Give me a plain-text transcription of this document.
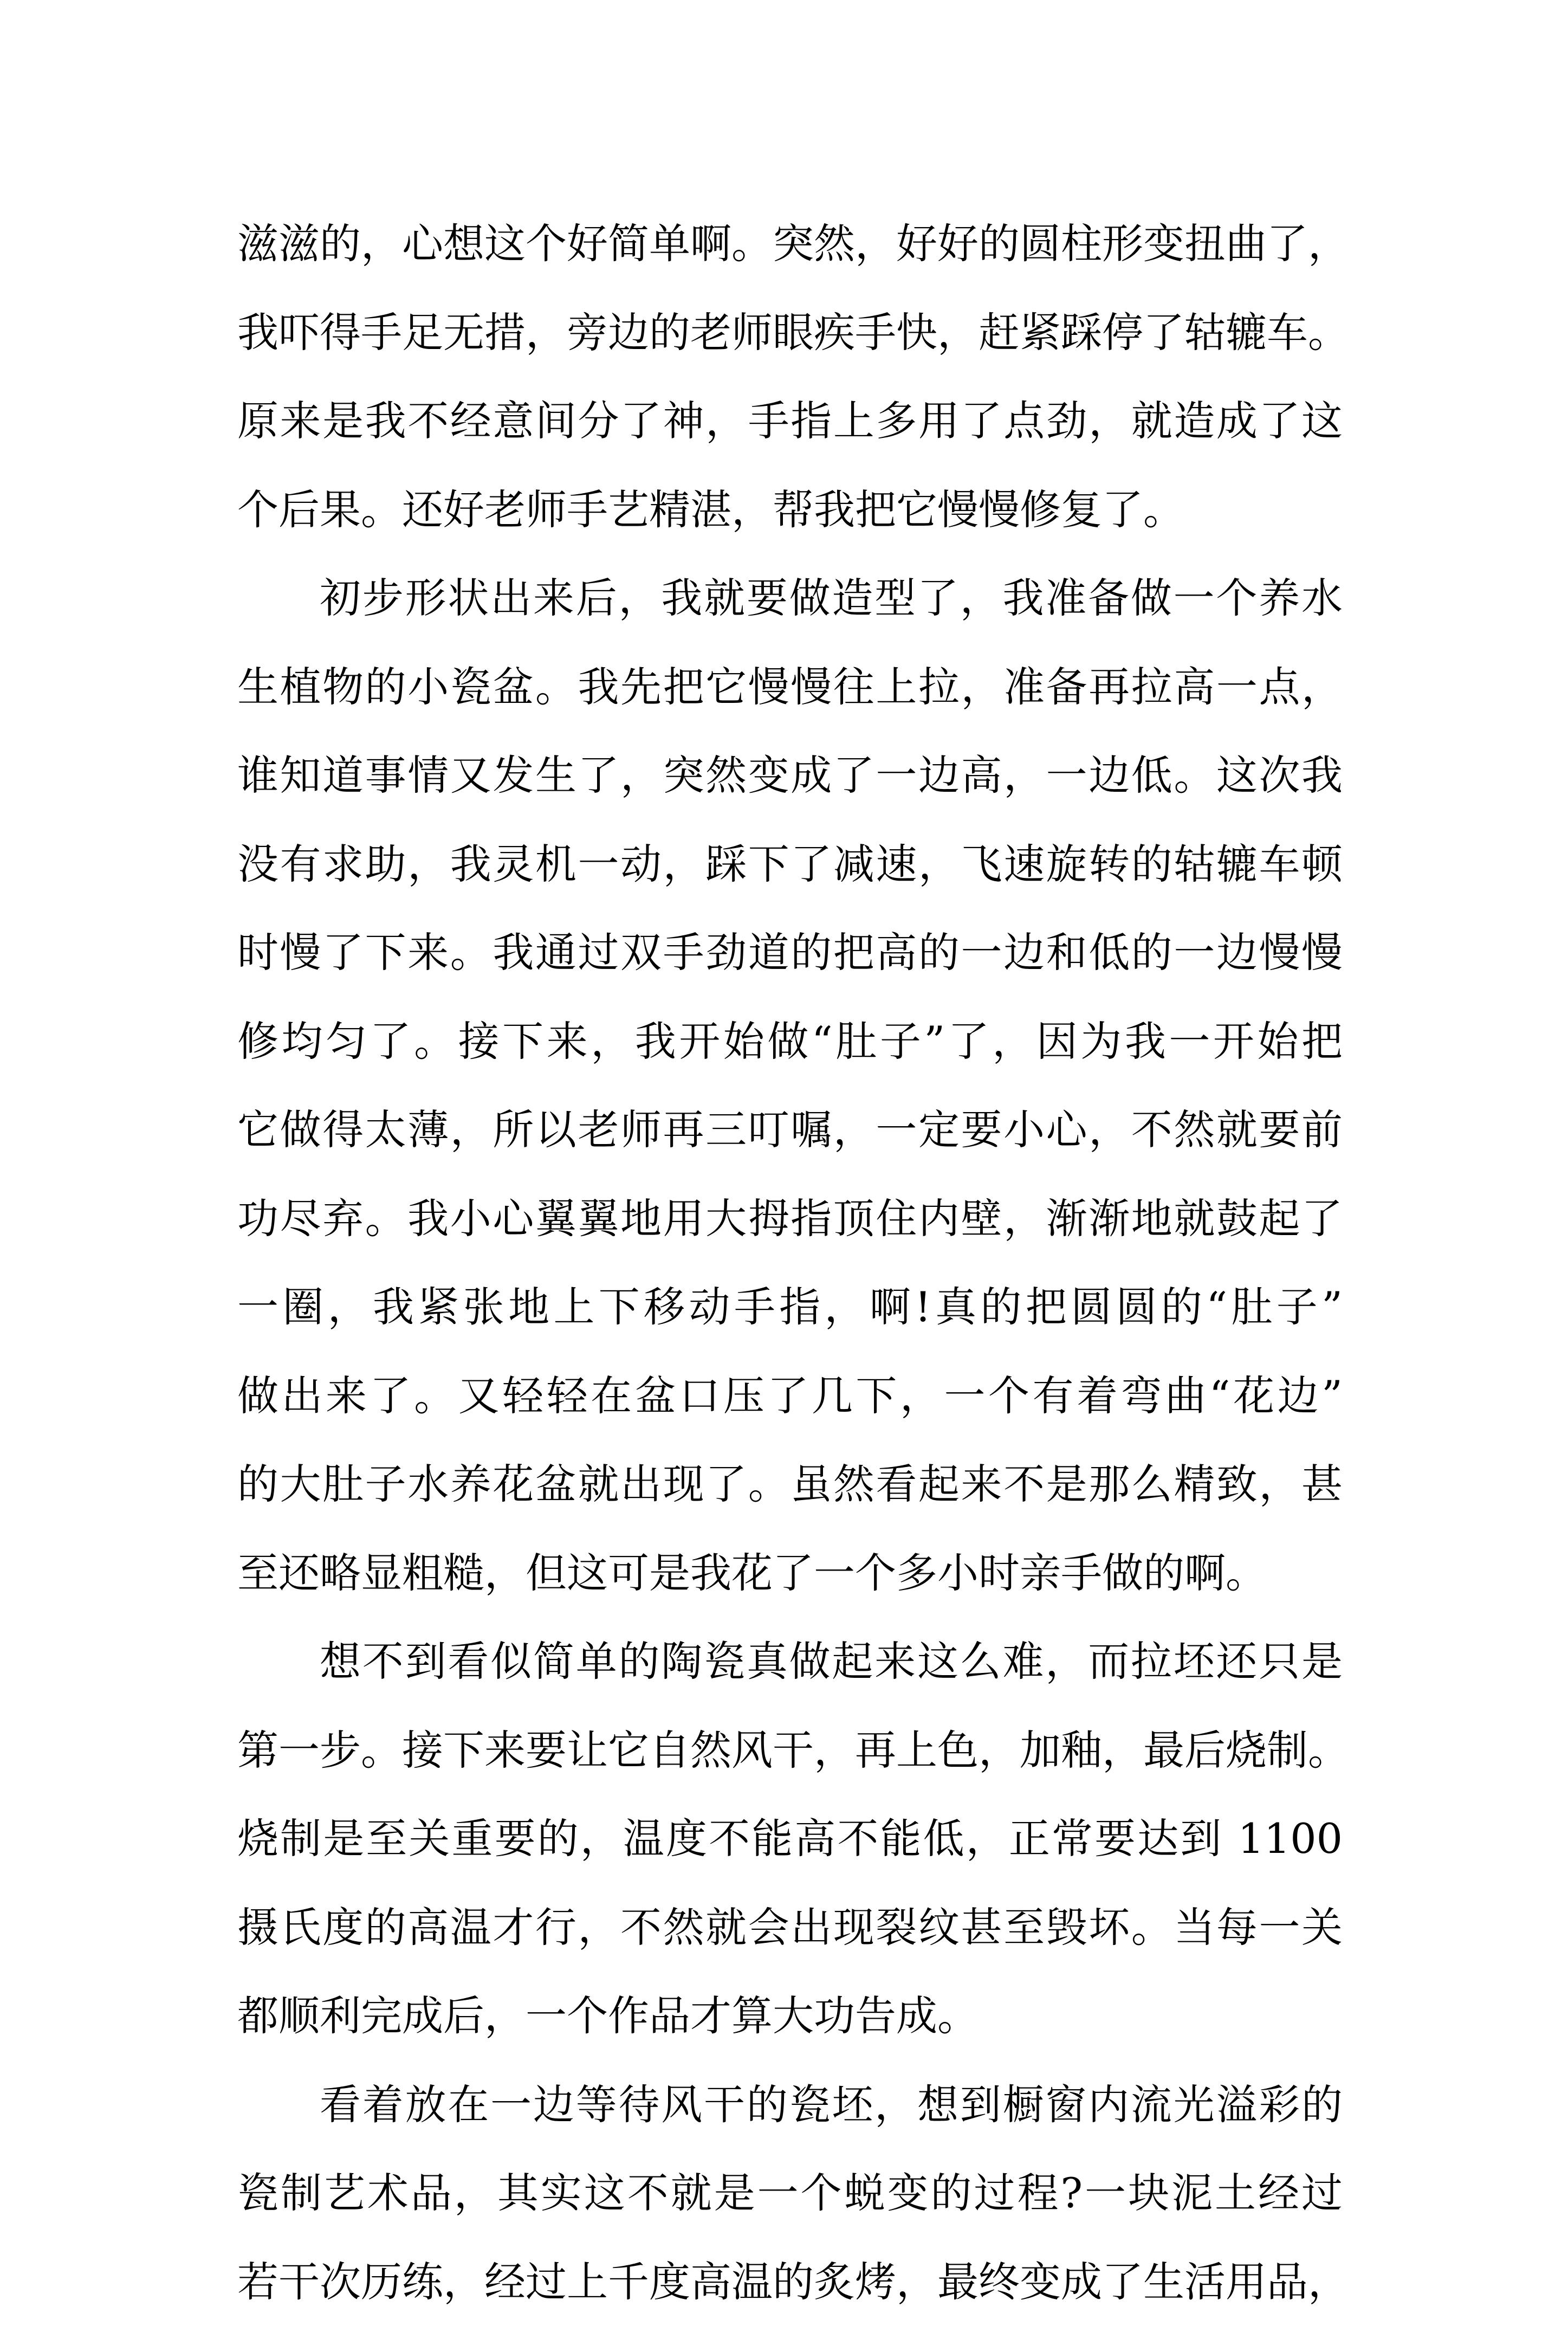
滋滋的，心想这个好简单啊。突然，好好的圆柱形变扭曲了，
我吓得手足无措，旁边的老师眼疾手快，赶紧踩停了轱辘车。
原来是我不经意间分了神，手指上多用了点劲，就造成了这
个后果。还好老师手艺精湛，帮我把它慢慢修复了。
初步形状出来后，我就要做造型了，我准备做一个养水
生植物的小瓷盆。我先把它慢慢往上拉，准备再拉高一点，
谁知道事情又发生了，突然变成了一边高，一边低。这次我
没有求助，我灵机一动，踩下了减速，飞速旋转的轱辘车顿
时慢了下来。我通过双手劲道的把高的一边和低的一边慢慢
修均匀了。接下来，我开始做“肚子”了，因为我一开始把
它做得太薄，所以老师再三叮嘱，一定要小心，不然就要前
功尽弃。我小心翼翼地用大拇指顶住内壁，渐渐地就鼓起了
一圈，我紧张地上下移动手指，啊!真的把圆圆的“肚子”
做出来了。又轻轻在盆口压了几下，一个有着弯曲“花边”
的大肚子水养花盆就出现了。虽然看起来不是那么精致，甚
至还略显粗糙，但这可是我花了一个多小时亲手做的啊。
想不到看似简单的陶瓷真做起来这么难，而拉坯还只是
第一步。接下来要让它自然风干，再上色，加釉，最后烧制。
烧制是至关重要的，温度不能高不能低，正常要达到 1100
摄氏度的高温才行，不然就会出现裂纹甚至毁坏。当每一关
都顺利完成后，一个作品才算大功告成。
看着放在一边等待风干的瓷坯，想到橱窗内流光溢彩的
瓷制艺术品，其实这不就是一个蜕变的过程?一块泥土经过
若干次历练，经过上千度高温的炙烤，最终变成了生活用品，
